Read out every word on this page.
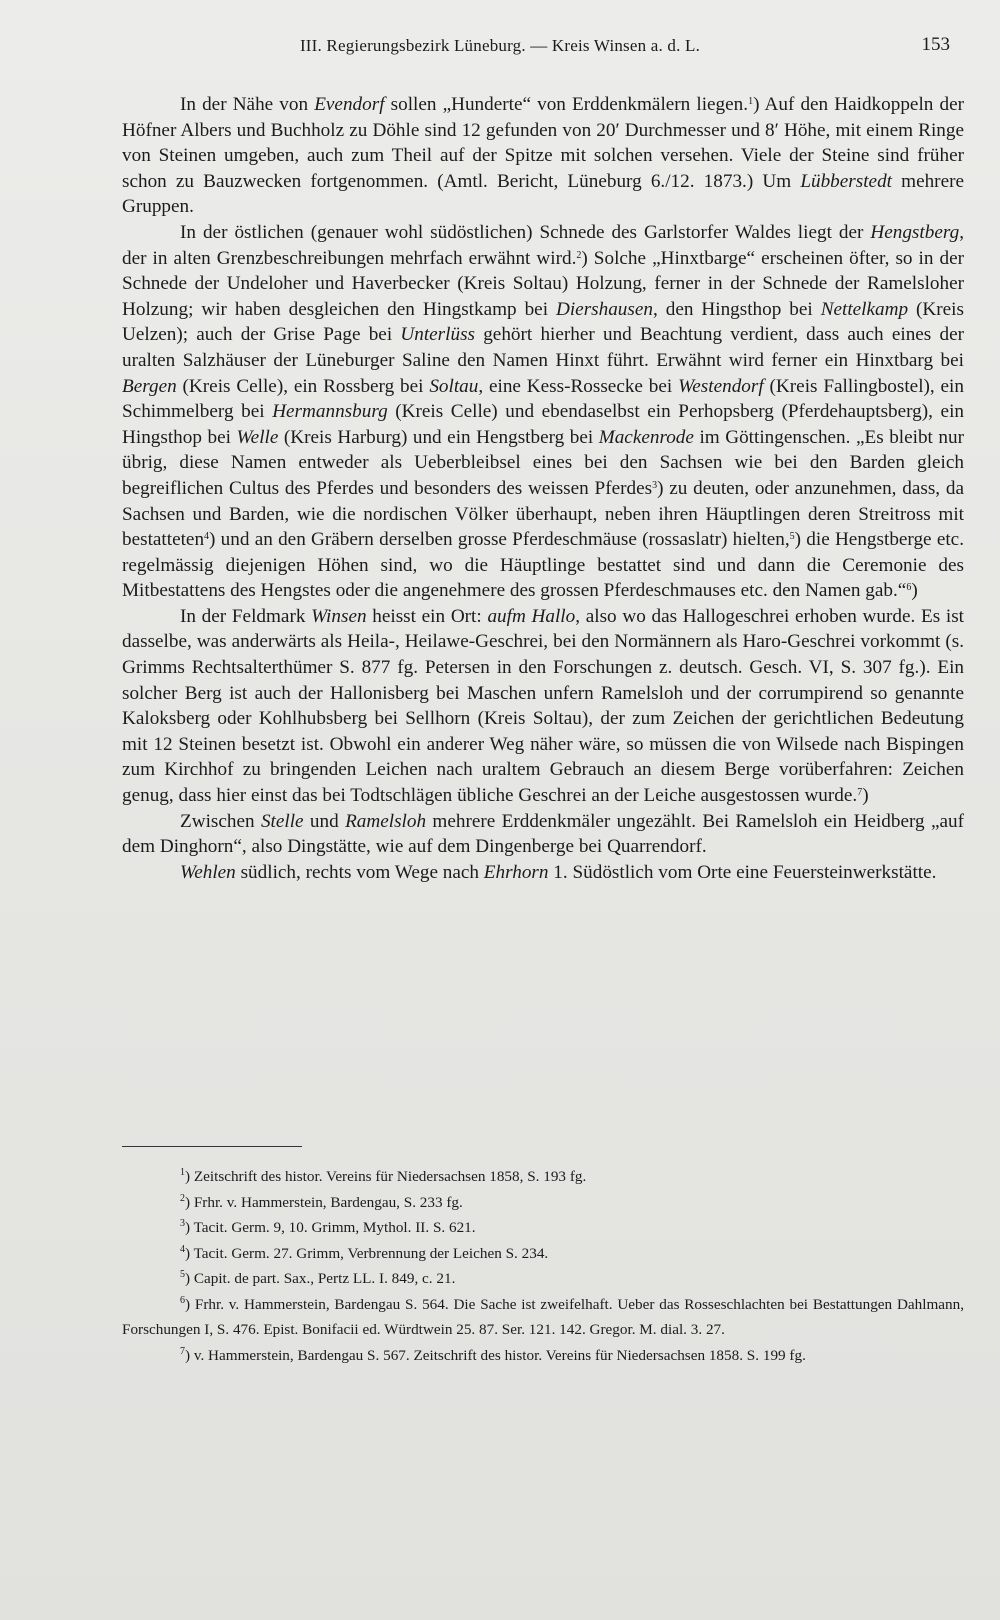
III. Regierungsbezirk Lüneburg. — Kreis Winsen a. d. L.	153

In der Nähe von Evendorf sollen „Hunderte“ von Erddenkmälern liegen.$^1$) Auf den Haidkoppeln der Höfner Albers und Buchholz zu Döhle sind 12 gefunden von 20′ Durchmesser und 8′ Höhe, mit einem Ringe von Steinen umgeben, auch zum Theil auf der Spitze mit solchen versehen. Viele der Steine sind früher schon zu Bauzwecken fortgenommen. (Amtl. Bericht, Lüneburg 6./12. 1873.) Um Lübberstedt mehrere Gruppen.

In der östlichen (genauer wohl südöstlichen) Schnede des Garlstorfer Waldes liegt der Hengstberg, der in alten Grenzbeschreibungen mehrfach erwähnt wird.$^2$) Solche „Hinxtbarge“ erscheinen öfter, so in der Schnede der Undeloher und Haverbecker (Kreis Soltau) Holzung, ferner in der Schnede der Ramelsloher Holzung; wir haben desgleichen den Hingstkamp bei Diershausen, den Hingsthop bei Nettelkamp (Kreis Uelzen); auch der Grise Page bei Unterlüss gehört hierher und Beachtung verdient, dass auch eines der uralten Salzhäuser der Lüneburger Saline den Namen Hinxt führt. Erwähnt wird ferner ein Hinxtbarg bei Bergen (Kreis Celle), ein Rossberg bei Soltau, eine Kess-Rossecke bei Westendorf (Kreis Fallingbostel), ein Schimmelberg bei Hermannsburg (Kreis Celle) und ebendaselbst ein Perhopsberg (Pferdehauptsberg), ein Hingsthop bei Welle (Kreis Harburg) und ein Hengstberg bei Mackenrode im Göttingenschen. „Es bleibt nur übrig, diese Namen entweder als Ueberbleibsel eines bei den Sachsen wie bei den Barden gleich begreiflichen Cultus des Pferdes und besonders des weissen Pferdes$^3$) zu deuten, oder anzunehmen, dass, da Sachsen und Barden, wie die nordischen Völker überhaupt, neben ihren Häuptlingen deren Streitross mit bestatteten$^4$) und an den Gräbern derselben grosse Pferdeschmäuse (rossaslatr) hielten,$^5$) die Hengstberge etc. regelmässig diejenigen Höhen sind, wo die Häuptlinge bestattet sind und dann die Ceremonie des Mitbestattens des Hengstes oder die angenehmere des grossen Pferdeschmauses etc. den Namen gab.“$^6$)

In der Feldmark Winsen heisst ein Ort: aufm Hallo, also wo das Hallogeschrei erhoben wurde. Es ist dasselbe, was anderwärts als Heila-, Heilawe-Geschrei, bei den Normännern als Haro-Geschrei vorkommt (s. Grimms Rechtsalterthümer S. 877 fg. Petersen in den Forschungen z. deutsch. Gesch. VI, S. 307 fg.). Ein solcher Berg ist auch der Hallonisberg bei Maschen unfern Ramelsloh und der corrumpirend so genannte Kaloksberg oder Kohlhubsberg bei Sellhorn (Kreis Soltau), der zum Zeichen der gerichtlichen Bedeutung mit 12 Steinen besetzt ist. Obwohl ein anderer Weg näher wäre, so müssen die von Wilsede nach Bispingen zum Kirchhof zu bringenden Leichen nach uraltem Gebrauch an diesem Berge vorüberfahren: Zeichen genug, dass hier einst das bei Todtschlägen übliche Geschrei an der Leiche ausgestossen wurde.$^7$)

Zwischen Stelle und Ramelsloh mehrere Erddenkmäler ungezählt. Bei Ramelsloh ein Heidberg „auf dem Dinghorn“, also Dingstätte, wie auf dem Dingenberge bei Quarrendorf.

Wehlen südlich, rechts vom Wege nach Ehrhorn 1. Südöstlich vom Orte eine Feuersteinwerkstätte.

$^1$) Zeitschrift des histor. Vereins für Niedersachsen 1858, S. 193 fg.

$^2$) Frhr. v. Hammerstein, Bardengau, S. 233 fg.

$^3$) Tacit. Germ. 9, 10. Grimm, Mythol. II. S. 621.

$^4$) Tacit. Germ. 27. Grimm, Verbrennung der Leichen S. 234.

$^5$) Capit. de part. Sax., Pertz LL. I. 849, c. 21.

$^6$) Frhr. v. Hammerstein, Bardengau S. 564. Die Sache ist zweifelhaft. Ueber das Rosseschlachten bei Bestattungen Dahlmann, Forschungen I, S. 476. Epist. Bonifacii ed. Würdtwein 25. 87. Ser. 121. 142. Gregor. M. dial. 3. 27.

$^7$) v. Hammerstein, Bardengau S. 567. Zeitschrift des histor. Vereins für Niedersachsen 1858. S. 199 fg.
